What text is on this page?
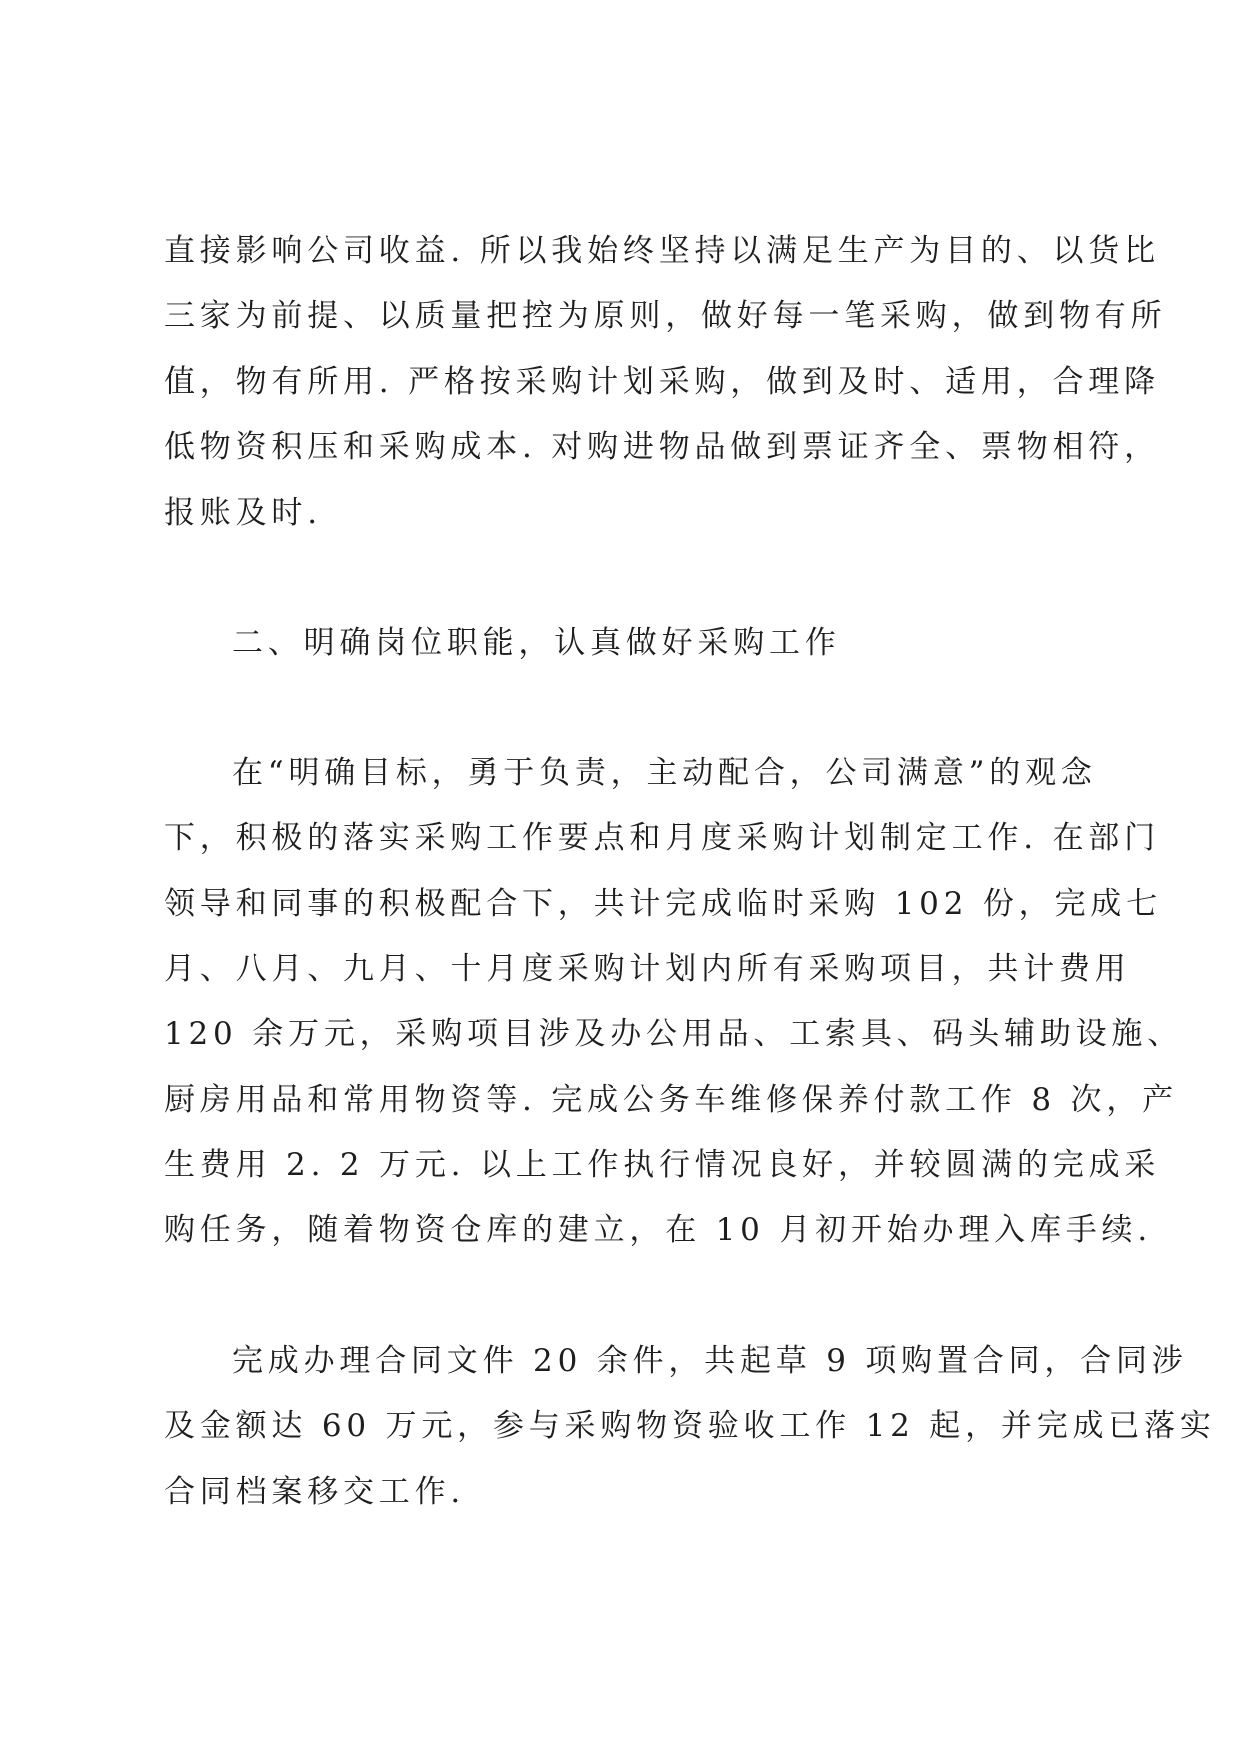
直接影响公司收益. 所以我始终坚持以满足生产为目的、以货比
三家为前提、以质量把控为原则，做好每一笔采购，做到物有所
值，物有所用. 严格按采购计划采购，做到及时、适用，合理降
低物资积压和采购成本. 对购进物品做到票证齐全、票物相符，
报账及时.
二、明确岗位职能，认真做好采购工作
在“明确目标，勇于负责，主动配合，公司满意”的观念
下，积极的落实采购工作要点和月度采购计划制定工作. 在部门
领导和同事的积极配合下，共计完成临时采购 102 份，完成七
月、八月、九月、十月度采购计划内所有采购项目，共计费用
120 余万元，采购项目涉及办公用品、工索具、码头辅助设施、
厨房用品和常用物资等. 完成公务车维修保养付款工作 8 次，产
生费用 2. 2 万元. 以上工作执行情况良好，并较圆满的完成采
购任务，随着物资仓库的建立，在 10 月初开始办理入库手续.
完成办理合同文件 20 余件，共起草 9 项购置合同，合同涉
及金额达 60 万元，参与采购物资验收工作 12 起，并完成已落实
合同档案移交工作.
